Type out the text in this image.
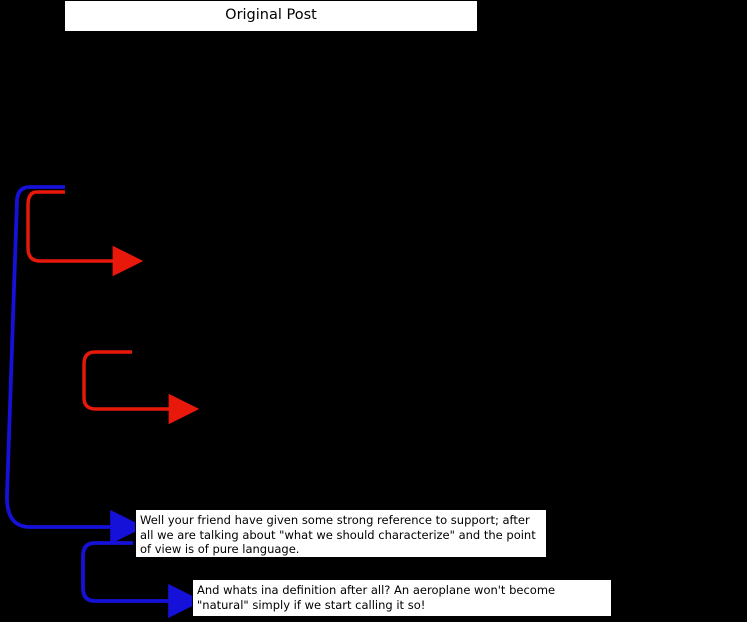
Original Post
Well your friend have given some strong reference to support; after all we are talking about "what we should characterize" and the point of view is of pure language.
And whats ina definition after all? An aeroplane won't become "natural" simply if we start calling it so!
